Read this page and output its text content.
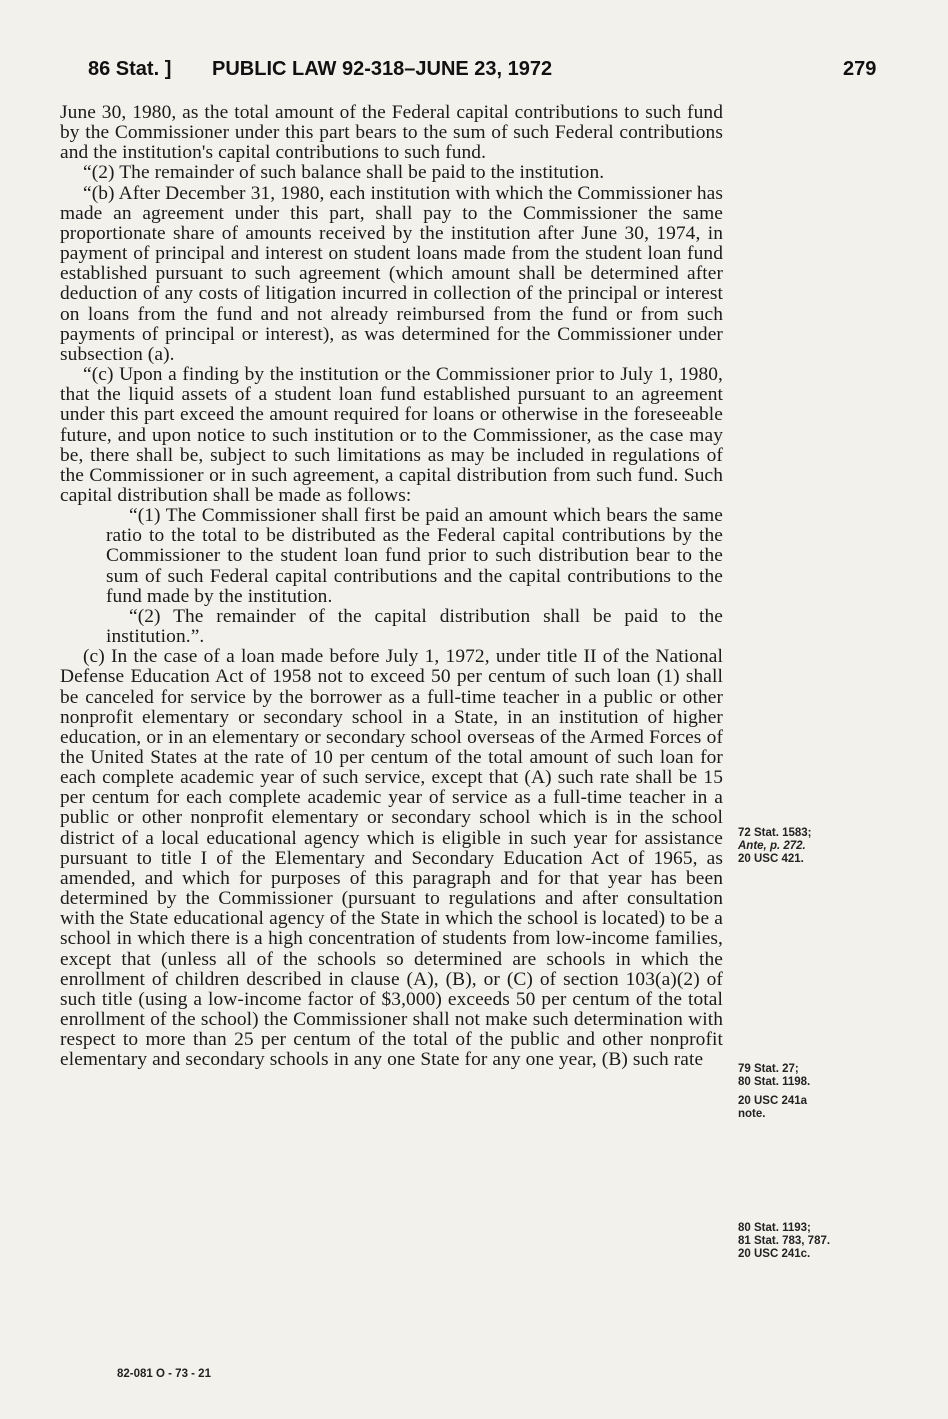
86 Stat. ] PUBLIC LAW 92-318–JUNE 23, 1972	279

June 30, 1980, as the total amount of the Federal capital contributions to such fund by the Commissioner under this part bears to the sum of such Federal contributions and the institution's capital contributions to such fund.

“(2) The remainder of such balance shall be paid to the institution.

“(b) After December 31, 1980, each institution with which the Commissioner has made an agreement under this part, shall pay to the Commissioner the same proportionate share of amounts received by the institution after June 30, 1974, in payment of principal and interest on student loans made from the student loan fund established pursuant to such agreement (which amount shall be determined after deduction of any costs of litigation incurred in collection of the principal or interest on loans from the fund and not already reimbursed from the fund or from such payments of principal or interest), as was determined for the Commissioner under subsection (a).

“(c) Upon a finding by the institution or the Commissioner prior to July 1, 1980, that the liquid assets of a student loan fund established pursuant to an agreement under this part exceed the amount required for loans or otherwise in the foreseeable future, and upon notice to such institution or to the Commissioner, as the case may be, there shall be, subject to such limitations as may be included in regulations of the Commissioner or in such agreement, a capital distribution from such fund. Such capital distribution shall be made as follows:

“(1) The Commissioner shall first be paid an amount which bears the same ratio to the total to be distributed as the Federal capital contributions by the Commissioner to the student loan fund prior to such distribution bear to the sum of such Federal capital contributions and the capital contributions to the fund made by the institution.

“(2) The remainder of the capital distribution shall be paid to the institution.”.

(c) In the case of a loan made before July 1, 1972, under title II of the National Defense Education Act of 1958 not to exceed 50 per centum of such loan (1) shall be canceled for service by the borrower as a full-time teacher in a public or other nonprofit elementary or secondary school in a State, in an institution of higher education, or in an elementary or secondary school overseas of the Armed Forces of the United States at the rate of 10 per centum of the total amount of such loan for each complete academic year of such service, except that (A) such rate shall be 15 per centum for each complete academic year of service as a full-time teacher in a public or other nonprofit elementary or secondary school which is in the school district of a local educational agency which is eligible in such year for assistance pursuant to title I of the Elementary and Secondary Education Act of 1965, as amended, and which for purposes of this paragraph and for that year has been determined by the Commissioner (pursuant to regulations and after consultation with the State educational agency of the State in which the school is located) to be a school in which there is a high concentration of students from low-income families, except that (unless all of the schools so determined are schools in which the enrollment of children described in clause (A), (B), or (C) of section 103(a)(2) of such title (using a low-income factor of $3,000) exceeds 50 per centum of the total enrollment of the school) the Commissioner shall not make such determination with respect to more than 25 per centum of the total of the public and other nonprofit elementary and secondary schools in any one State for any one year, (B) such rate

72 Stat. 1583;
Ante, p. 272.
20 USC 421.
79 Stat. 27;
80 Stat. 1198.
20 USC 241a
note.
80 Stat. 1193;
81 Stat. 783, 787.
20 USC 241c.
82-081 O - 73 - 21
